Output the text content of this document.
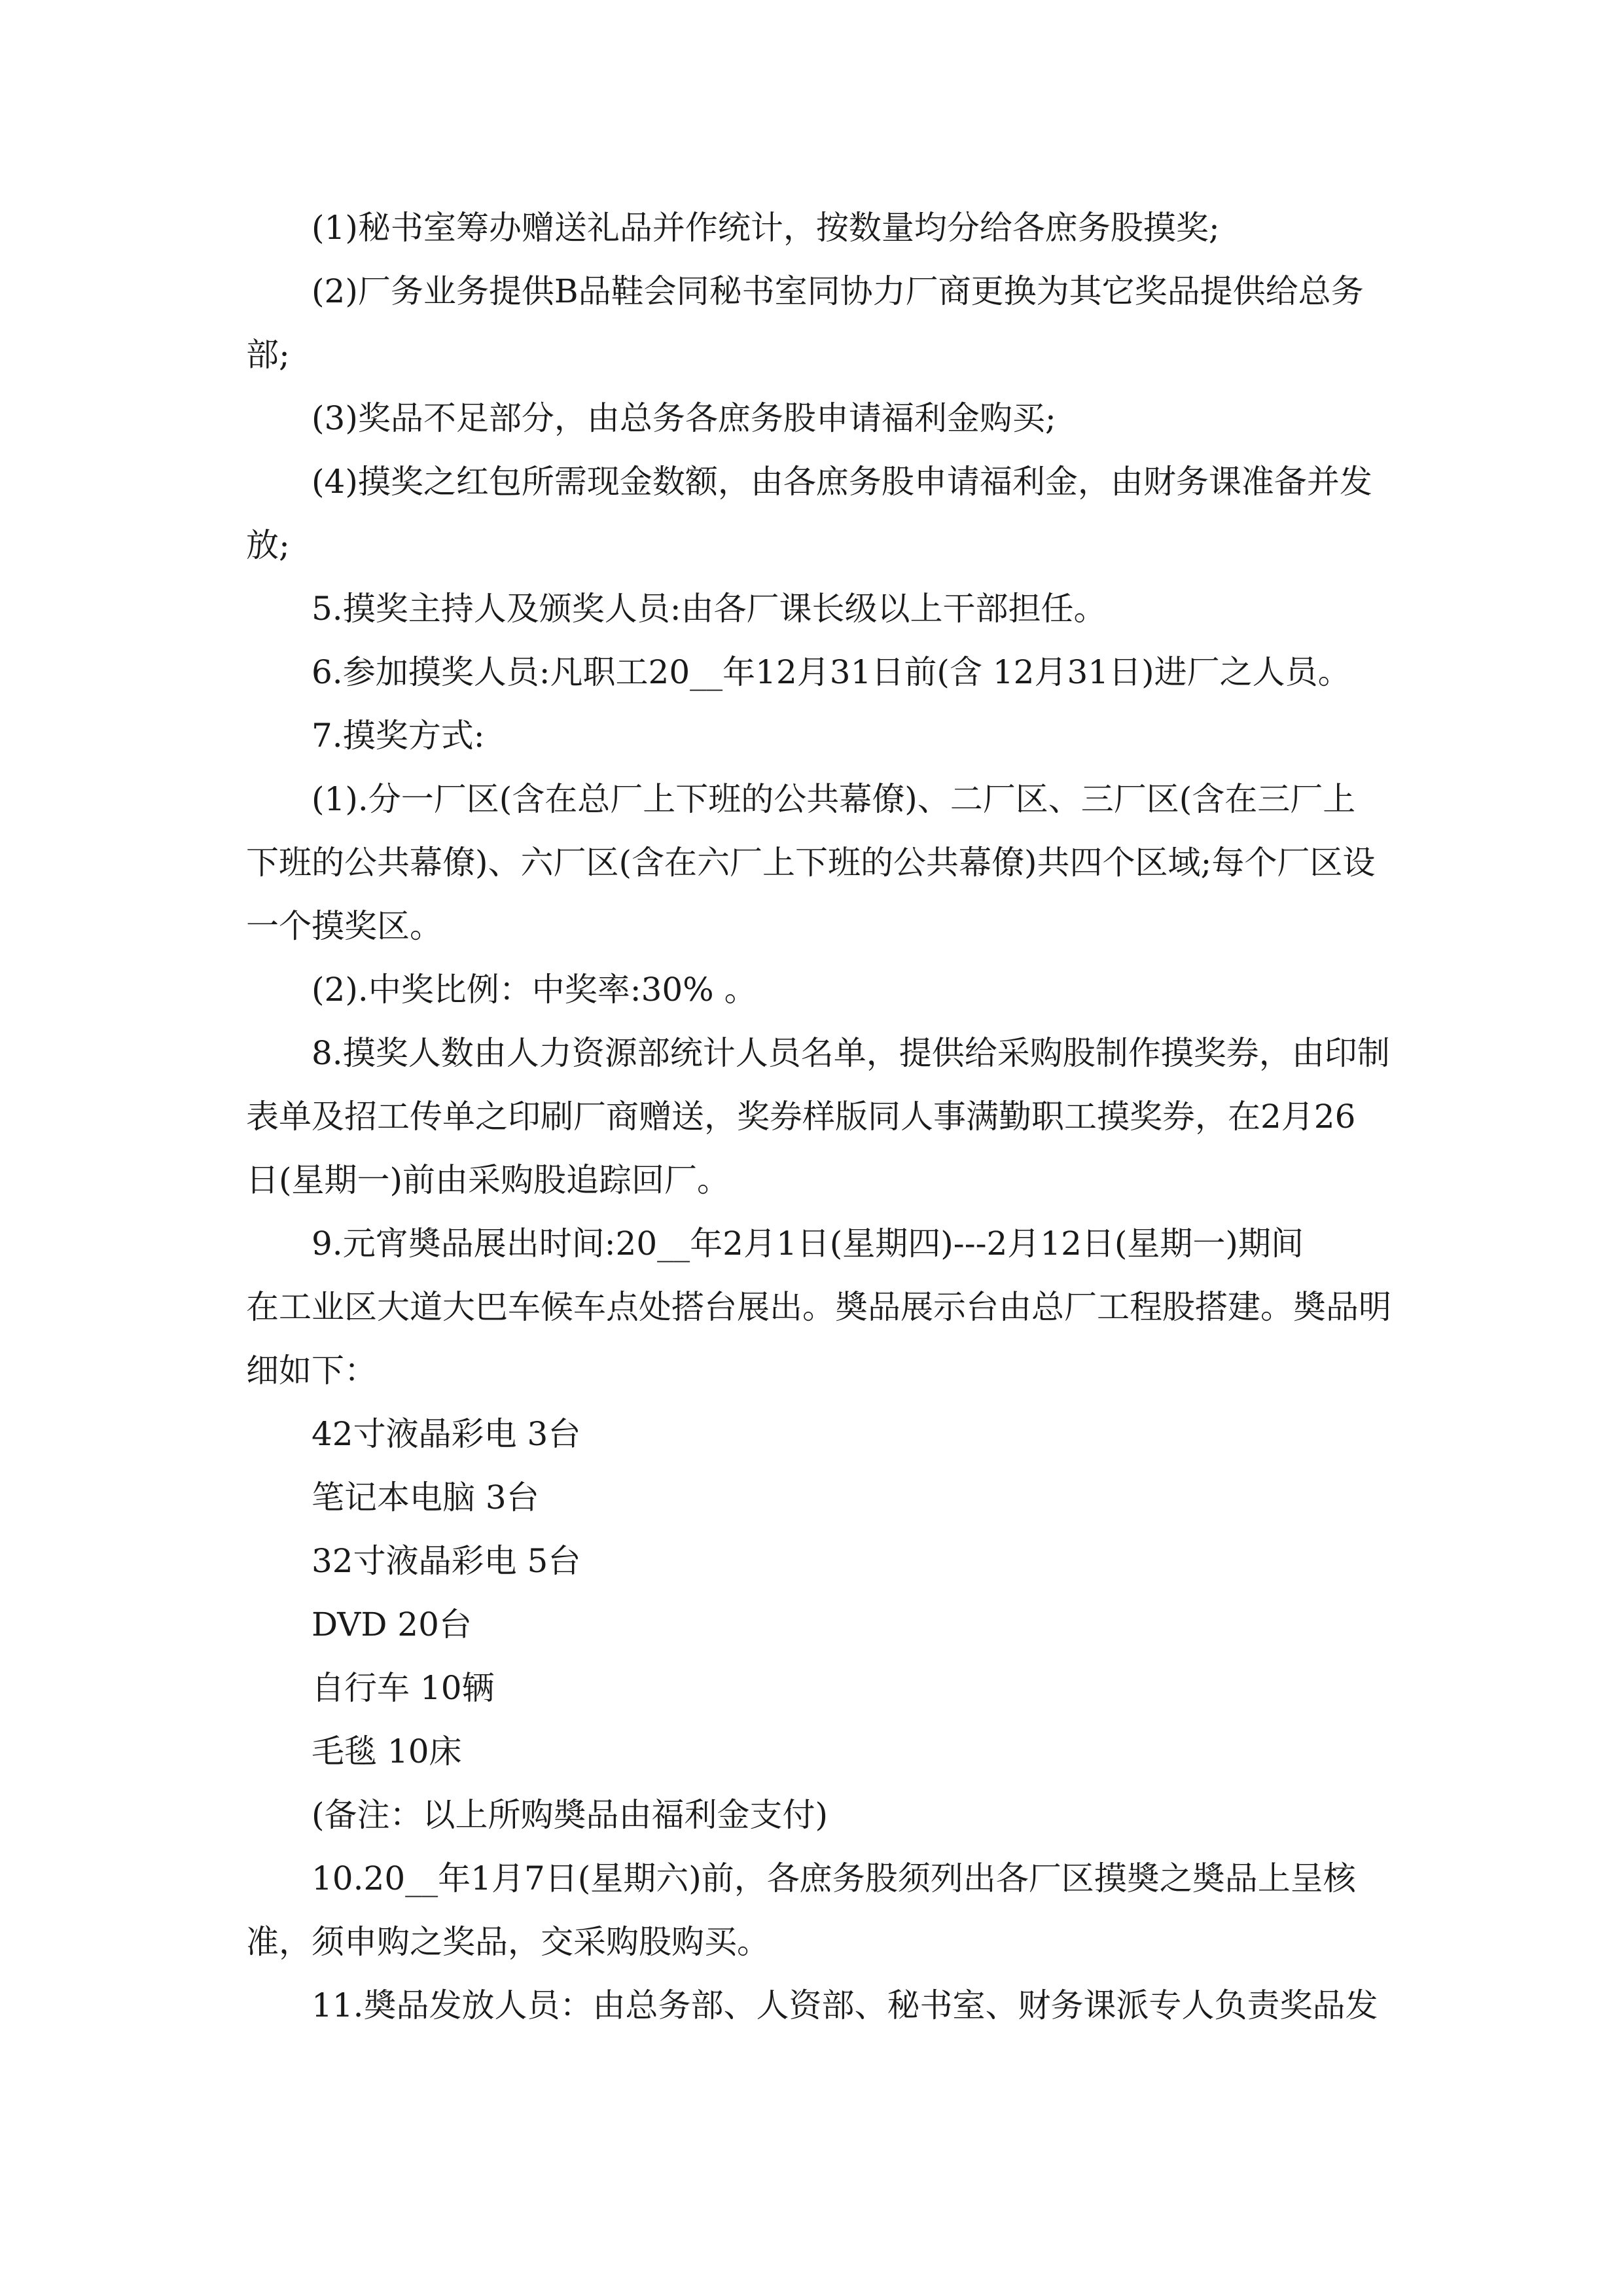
(1)秘书室筹办赠送礼品并作统计，按数量均分给各庶务股摸奖;
(2)厂务业务提供B品鞋会同秘书室同协力厂商更换为其它奖品提供给总务
部;
(3)奖品不足部分，由总务各庶务股申请福利金购买;
(4)摸奖之红包所需现金数额，由各庶务股申请福利金，由财务课准备并发
放;
5.摸奖主持人及颁奖人员:由各厂课长级以上干部担任。
6.参加摸奖人员:凡职工20__年12月31日前(含 12月31日)进厂之人员。
7.摸奖方式:
(1).分一厂区(含在总厂上下班的公共幕僚)、二厂区、三厂区(含在三厂上
下班的公共幕僚)、六厂区(含在六厂上下班的公共幕僚)共四个区域;每个厂区设
一个摸奖区。
(2).中奖比例：中奖率:30% 。
8.摸奖人数由人力资源部统计人员名单，提供给采购股制作摸奖券，由印制
表单及招工传单之印刷厂商赠送，奖券样版同人事满勤职工摸奖券，在2月26
日(星期一)前由采购股追踪回厂。
9.元宵奬品展出时间:20__年2月1日(星期四)---2月12日(星期一)期间
在工业区大道大巴车候车点处搭台展出。奬品展示台由总厂工程股搭建。奬品明
细如下：
42寸液晶彩电 3台
笔记本电脑 3台
32寸液晶彩电 5台
DVD 20台
自行车 10辆
毛毯 10床
(备注：以上所购奬品由福利金支付)
10.20__年1月7日(星期六)前，各庶务股须列出各厂区摸奬之奬品上呈核
准，须申购之奖品，交采购股购买。
11.奬品发放人员：由总务部、人资部、秘书室、财务课派专人负责奖品发
